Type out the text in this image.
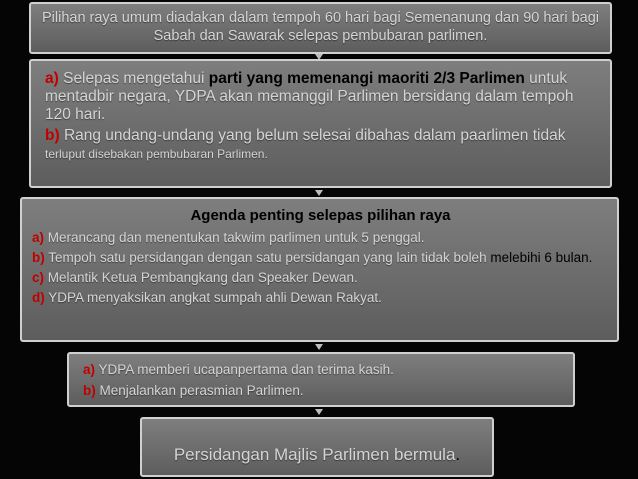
Pilihan raya umum diadakan dalam tempoh 60 hari bagi Semenanung dan 90 hari bagi Sabah dan Sawarak selepas pembubaran parlimen.
a) Selepas mengetahui parti yang memenangi maoriti 2/3 Parlimen untuk mentadbir negara, YDPA akan memanggil Parlimen bersidang dalam tempoh 120 hari.
b) Rang undang-undang yang belum selesai dibahas dalam paarlimen tidak terluput disebakan pembubaran Parlimen.
Agenda penting selepas pilihan raya
a) Merancang dan menentukan takwim parlimen untuk 5 penggal.
b) Tempoh satu persidangan dengan satu persidangan yang lain tidak boleh melebihi 6 bulan.
c) Melantik Ketua Pembangkang dan Speaker Dewan.
d) YDPA menyaksikan angkat sumpah ahli Dewan Rakyat.
a) YDPA memberi ucapanpertama dan terima kasih.
b) Menjalankan perasmian Parlimen.
Persidangan Majlis Parlimen bermula.
